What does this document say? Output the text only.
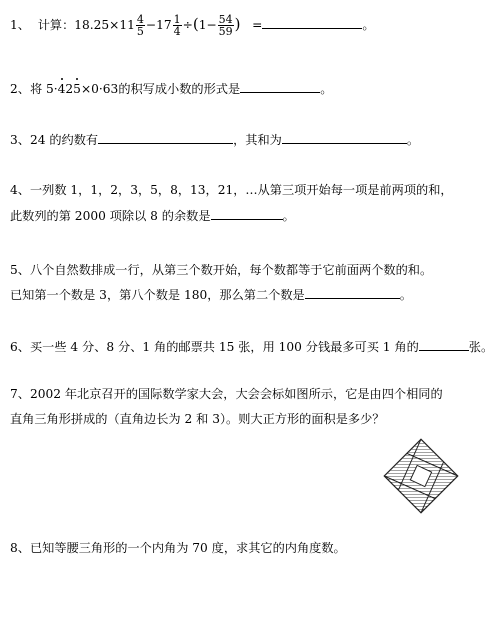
1、 计算：$18.25\times 11 \frac{4}{5} -17 \frac{1}{4} \div(1- \frac{54}{59}$ ) =	。
2、将 5·425×0·63的积写成小数的形式是	。
3、24 的约数有	，其和为	。
4、一列数 1，1，2，3，5，8，13，21，…从第三项开始每一项是前两项的和，
此数列的第 2000 项除以 8 的余数是	。
5、八个自然数排成一行，从第三个数开始，每个数都等于它前面两个数的和。
已知第一个数是 3，第八个数是 180，那么第二个数是	。
6、买一些 4 分、8 分、1 角的邮票共 15 张，用 100 分钱最多可买 1 角的	张。
7、2002 年北京召开的国际数学家大会，大会会标如图所示，它是由四个相同的
直角三角形拼成的（直角边长为 2 和 3）。则大正方形的面积是多少？
8、已知等腰三角形的一个内角为 70 度，求其它的内角度数。
